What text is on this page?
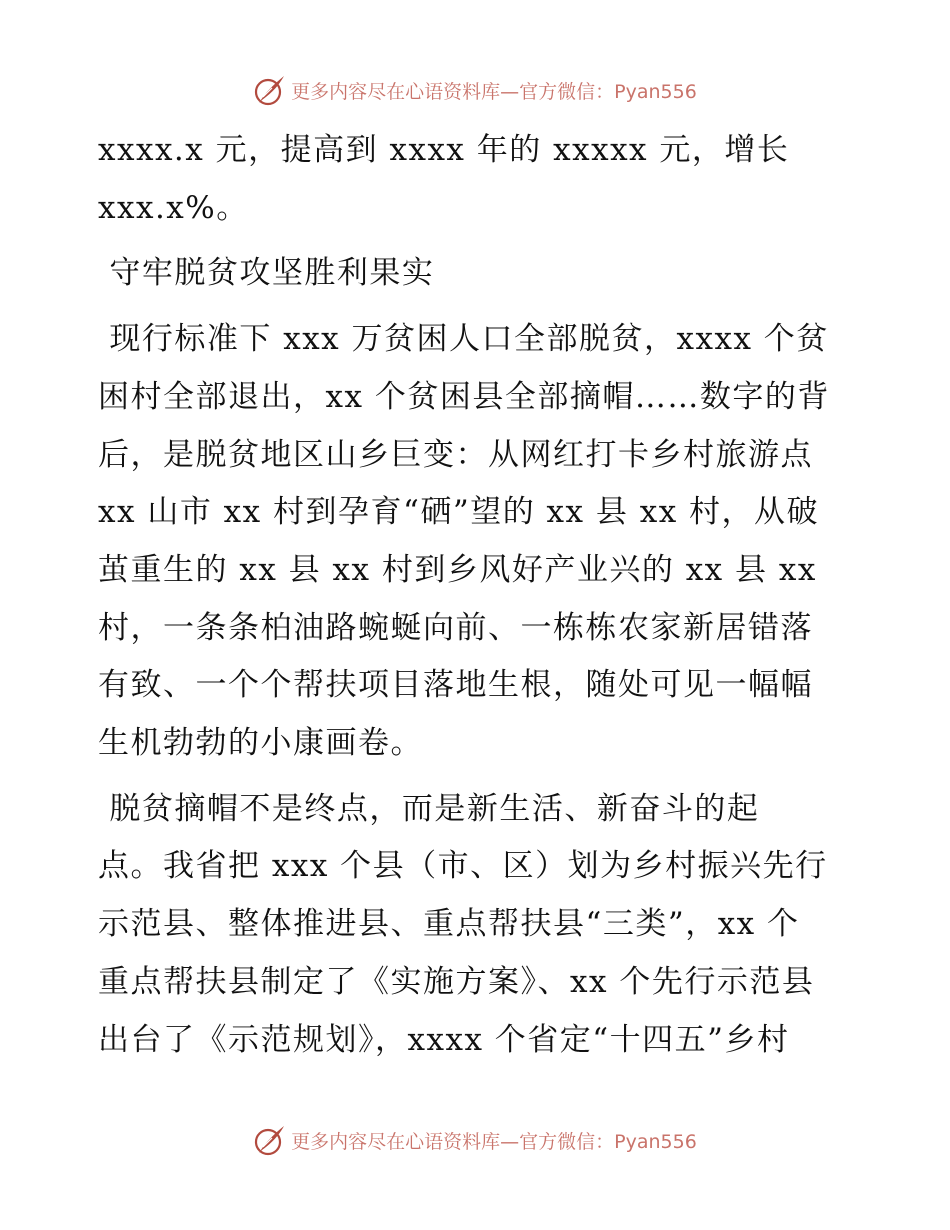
更多内容尽在心语资料库—官方微信：Pyan556

xxxx.x 元，提高到 xxxx 年的 xxxxx 元，增长

xxx.x%。

守牢脱贫攻坚胜利果实

现行标准下 xxx 万贫困人口全部脱贫，xxxx 个贫

困村全部退出，xx 个贫困县全部摘帽……数字的背

后，是脱贫地区山乡巨变：从网红打卡乡村旅游点

xx 山市 xx 村到孕育“硒”望的 xx 县 xx 村，从破

茧重生的 xx 县 xx 村到乡风好产业兴的 xx 县 xx

村，一条条柏油路蜿蜒向前、一栋栋农家新居错落

有致、一个个帮扶项目落地生根，随处可见一幅幅

生机勃勃的小康画卷。

脱贫摘帽不是终点，而是新生活、新奋斗的起

点。我省把 xxx 个县（市、区）划为乡村振兴先行

示范县、整体推进县、重点帮扶县“三类”，xx 个

重点帮扶县制定了《实施方案》、xx 个先行示范县

出台了《示范规划》，xxxx 个省定“十四五”乡村

更多内容尽在心语资料库—官方微信：Pyan556
